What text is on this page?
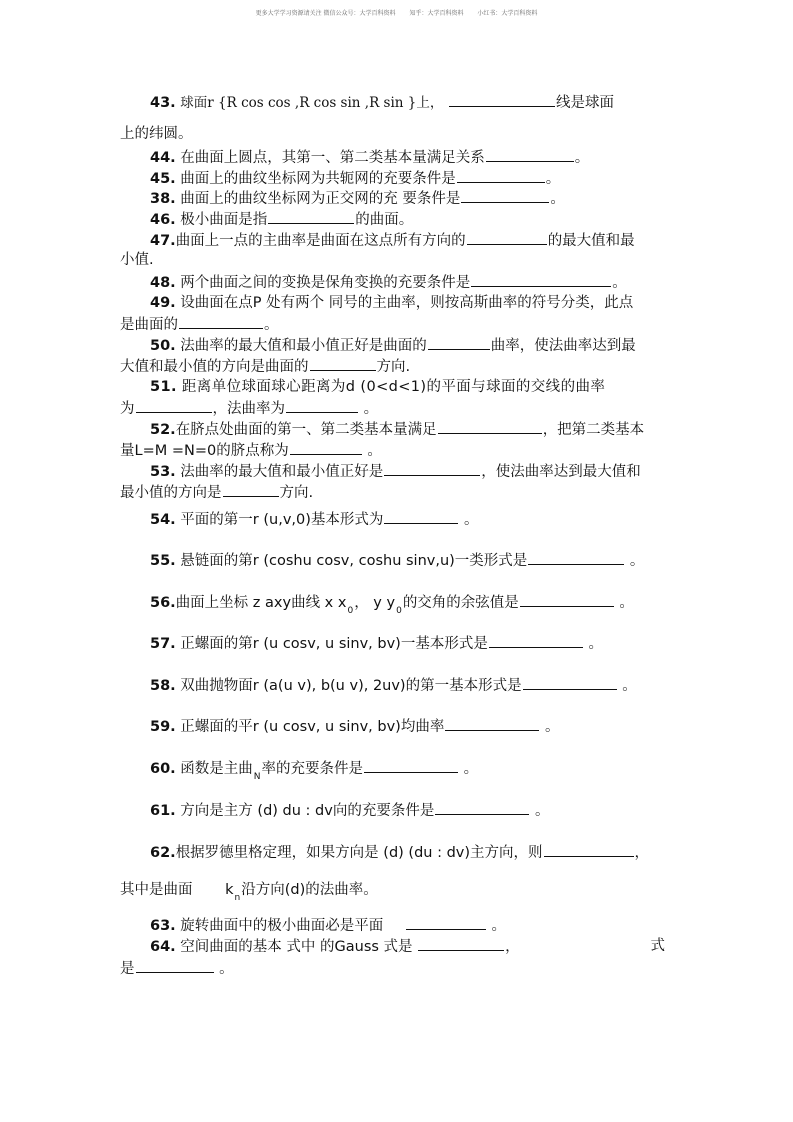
更多大学学习资源请关注 微信公众号：大学百科资料 知乎：大学百科资料 小红书：大学百科资料
43. 球面r {R cos cos ,R cos sin ,R sin }上，	线是球面
上的纬圆。
44. 在曲面上圆点，其第一、第二类基本量满足关系	。
45. 曲面上的曲纹坐标网为共轭网的充要条件是	。
38. 曲面上的曲纹坐标网为正交网的充 要条件是	。
46. 极小曲面是指	的曲面。
47.曲面上一点的主曲率是曲面在这点所有方向的	的最大值和最
小值.
48. 两个曲面之间的变换是保角变换的充要条件是	。
49. 设曲面在点P 处有两个 同号的主曲率，则按高斯曲率的符号分类，此点
是曲面的	。
50. 法曲率的最大值和最小值正好是曲面的	曲率，使法曲率达到最
大值和最小值的方向是曲面的	方向.
51. 距离单位球面球心距离为d (0<d<1)的平面与球面的交线的曲率
为	，法曲率为	。
52.在脐点处曲面的第一、第二类基本量满足	，把第二类基本
量L=M =N=0的脐点称为	。
53. 法曲率的最大值和最小值正好是	，使法曲率达到最大值和
最小值的方向是	方向.
54. 平面的第一r (u,v,0)基本形式为	。
55. 悬链面的第r (coshu cosv, coshu sinv,u)一类形式是	。
56.曲面上坐标 z axy曲线 x $x_0$， y $y_0$的交角的余弦值是	。
57. 正螺面的第r (u cosv, u sinv, bv)一基本形式是	。
58. 双曲抛物面r (a(u v), b(u v), 2uv)的第一基本形式是	。
59. 正螺面的平r (u cosv, u sinv, bv)均曲率	。
60. 函数是主曲$_N$率的充要条件是	。
61. 方向是主方 (d) du : dv向的充要条件是	。
62.根据罗德里格定理，如果方向是 (d) (du : dv)主方向，则	，
其中是曲面 $k_n$沿方向(d)的法曲率。
63. 旋转曲面中的极小曲面必是平面	。
64. 空间曲面的基本 式中 的Gauss 式是	，	式
是	。
